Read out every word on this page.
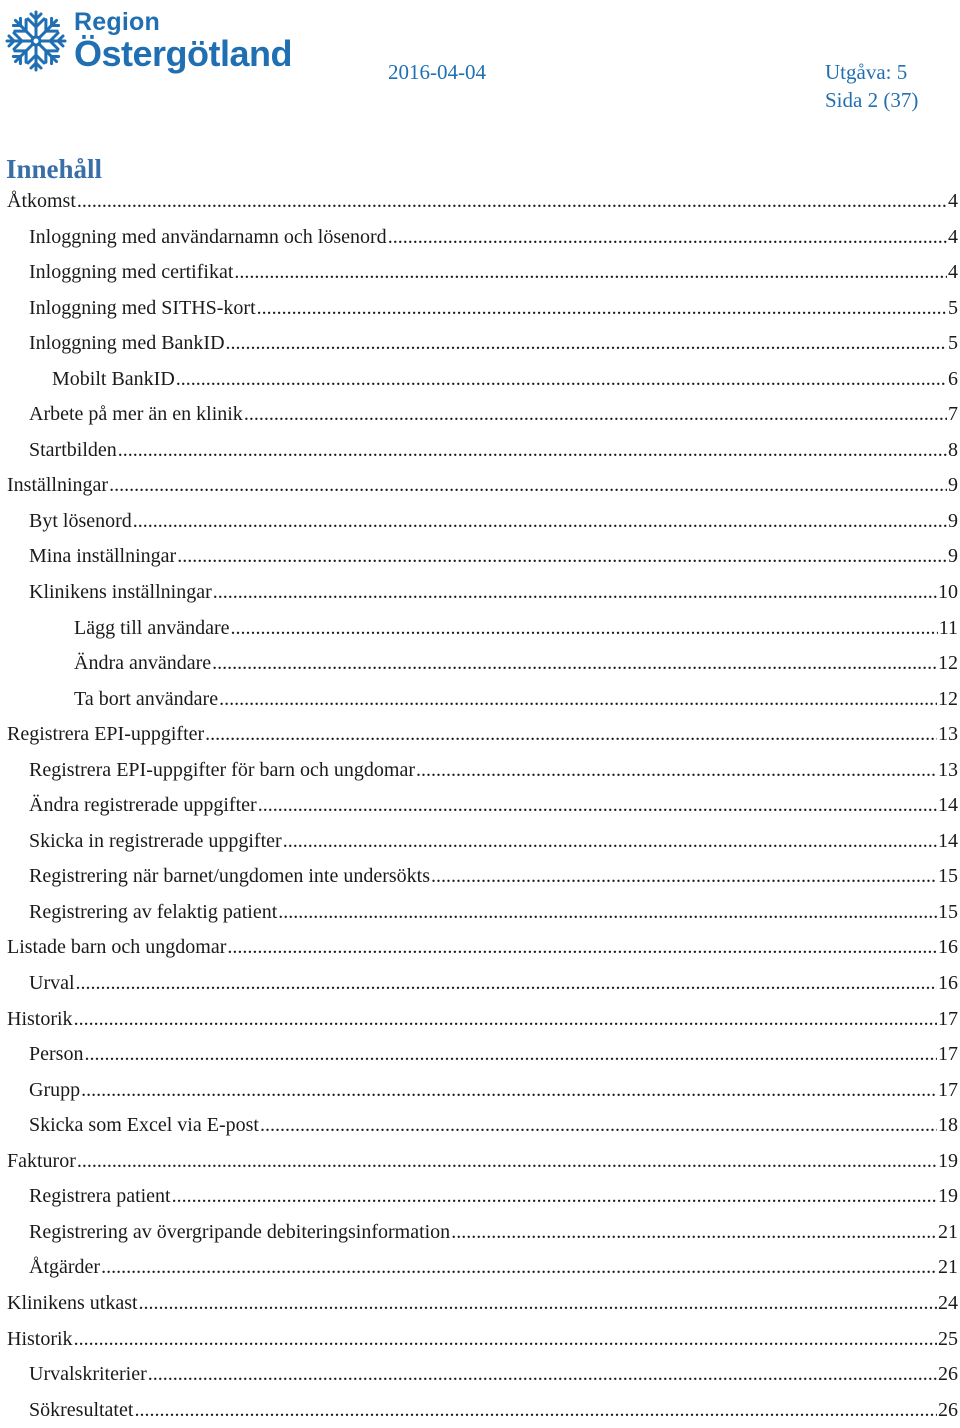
Region
Östergötland	2016-04-04	Utgåva: 5
Sida 2 (37)
Innehåll
Åtkomst .....	4
Inloggning med användarnamn och lösenord .....	4
Inloggning med certifikat .....	4
Inloggning med SITHS-kort .....	5
Inloggning med BankID .....	5
Mobilt BankID .....	6
Arbete på mer än en klinik .....	7
Startbilden .....	8
Inställningar .....	9
Byt lösenord .....	9
Mina inställningar .....	9
Klinikens inställningar .....	10
Lägg till användare .....	11
Ändra användare .....	12
Ta bort användare .....	12
Registrera EPI-uppgifter .....	13
Registrera EPI-uppgifter för barn och ungdomar .....	13
Ändra registrerade uppgifter .....	14
Skicka in registrerade uppgifter .....	14
Registrering när barnet/ungdomen inte undersökts .....	15
Registrering av felaktig patient .....	15
Listade barn och ungdomar .....	16
Urval .....	16
Historik .....	17
Person .....	17
Grupp .....	17
Skicka som Excel via E-post .....	18
Fakturor .....	19
Registrera patient .....	19
Registrering av övergripande debiteringsinformation .....	21
Åtgärder .....	21
Klinikens utkast .....	24
Historik .....	25
Urvalskriterier .....	26
Sökresultatet .....	26
